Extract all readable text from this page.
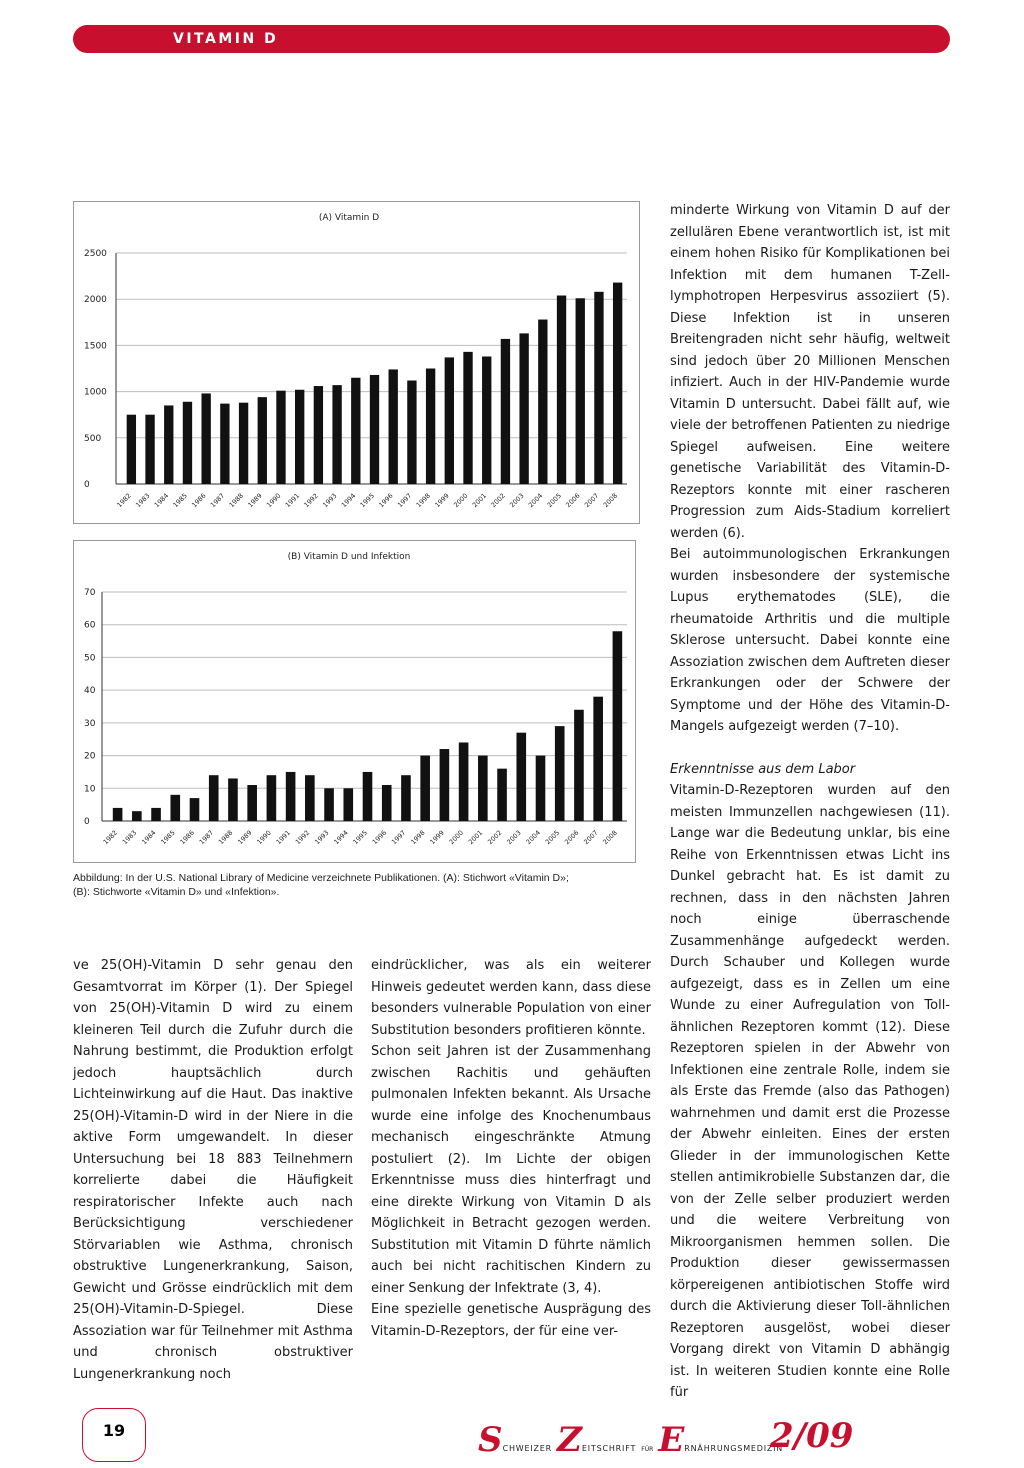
VITAMIN D
(A) Vitamin D
0
500
1000
1500
2000
2500
1982 1983 1984 1985 1986 1987 1988 1989 1990 1991 1992 1993 1994 1995 1996 1997 1998 1999 2000 2001 2002 2003 2004 2005 2006 2007 2008
(B) Vitamin D und Infektion
0
10
20
30
40
50
60
70
1982 1983 1984 1985 1986 1987 1988 1989 1990 1991 1992 1993 1994 1995 1996 1997 1998 1999 2000 2001 2002 2003 2004 2005 2006 2007 2008
Abbildung: In der U.S. National Library of Medicine verzeichnete Publikationen. (A): Stichwort «Vitamin D»;
(B): Stichworte «Vitamin D» und «Infektion».

ve 25(OH)-Vitamin D sehr genau den Gesamtvorrat im Körper (1). Der Spiegel von 25(OH)-Vitamin D wird zu einem kleineren Teil durch die Zufuhr durch die Nahrung bestimmt, die Produktion erfolgt jedoch hauptsächlich durch Lichteinwirkung auf die Haut. Das inaktive 25(OH)-Vitamin-D wird in der Niere in die aktive Form umgewandelt. In dieser Untersuchung bei 18 883 Teilnehmern korrelierte dabei die Häufigkeit respiratorischer Infekte auch nach Berücksichtigung verschiedener Störvariablen wie Asthma, chronisch obstruktive Lungenerkrankung, Saison, Gewicht und Grösse eindrücklich mit dem 25(OH)-Vitamin-D-Spiegel. Diese Assoziation war für Teilnehmer mit Asthma und chronisch obstruktiver Lungenerkrankung noch

eindrücklicher, was als ein weiterer Hinweis gedeutet werden kann, dass diese besonders vulnerable Population von einer Substitution besonders profitieren könnte.

Schon seit Jahren ist der Zusammenhang zwischen Rachitis und gehäuften pulmonalen Infekten bekannt. Als Ursache wurde eine infolge des Knochenumbaus mechanisch eingeschränkte Atmung postuliert (2). Im Lichte der obigen Erkenntnisse muss dies hinterfragt und eine direkte Wirkung von Vitamin D als Möglichkeit in Betracht gezogen werden. Substitution mit Vitamin D führte nämlich auch bei nicht rachitischen Kindern zu einer Senkung der Infektrate (3, 4).

Eine spezielle genetische Ausprägung des Vitamin-D-Rezeptors, der für eine ver-

minderte Wirkung von Vitamin D auf der zellulären Ebene verantwortlich ist, ist mit einem hohen Risiko für Komplikationen bei Infektion mit dem humanen T-Zell-lymphotropen Herpesvirus assoziiert (5). Diese Infektion ist in unseren Breitengraden nicht sehr häufig, weltweit sind jedoch über 20 Millionen Menschen infiziert. Auch in der HIV-Pandemie wurde Vitamin D untersucht. Dabei fällt auf, wie viele der betroffenen Patienten zu niedrige Spiegel aufweisen. Eine weitere genetische Variabilität des Vitamin-D-Rezeptors konnte mit einer rascheren Progression zum Aids-Stadium korreliert werden (6).

Bei autoimmunologischen Erkrankungen wurden insbesondere der systemische Lupus erythematodes (SLE), die rheumatoide Arthritis und die multiple Sklerose untersucht. Dabei konnte eine Assoziation zwischen dem Auftreten dieser Erkrankungen oder der Schwere der Symptome und der Höhe des Vitamin-D-Mangels aufgezeigt werden (7–10).

Erkenntnisse aus dem Labor

Vitamin-D-Rezeptoren wurden auf den meisten Immunzellen nachgewiesen (11). Lange war die Bedeutung unklar, bis eine Reihe von Erkenntnissen etwas Licht ins Dunkel gebracht hat. Es ist damit zu rechnen, dass in den nächsten Jahren noch einige überraschende Zusammenhänge aufgedeckt werden. Durch Schauber und Kollegen wurde aufgezeigt, dass es in Zellen um eine Wunde zu einer Aufregulation von Toll-ähnlichen Rezeptoren kommt (12). Diese Rezeptoren spielen in der Abwehr von Infektionen eine zentrale Rolle, indem sie als Erste das Fremde (also das Pathogen) wahrnehmen und damit erst die Prozesse der Abwehr einleiten. Eines der ersten Glieder in der immunologischen Kette stellen antimikrobielle Substanzen dar, die von der Zelle selber produziert werden und die weitere Verbreitung von Mikroorganismen hemmen sollen. Die Produktion dieser gewissermassen körpereigenen antibiotischen Stoffe wird durch die Aktivierung dieser Toll-ähnlichen Rezeptoren ausgelöst, wobei dieser Vorgang direkt von Vitamin D abhängig ist. In weiteren Studien konnte eine Rolle für

19	SCHWEIZER ZEITSCHRIFT FÜR ERNÄHRUNGSMEDIZIN
2/09
